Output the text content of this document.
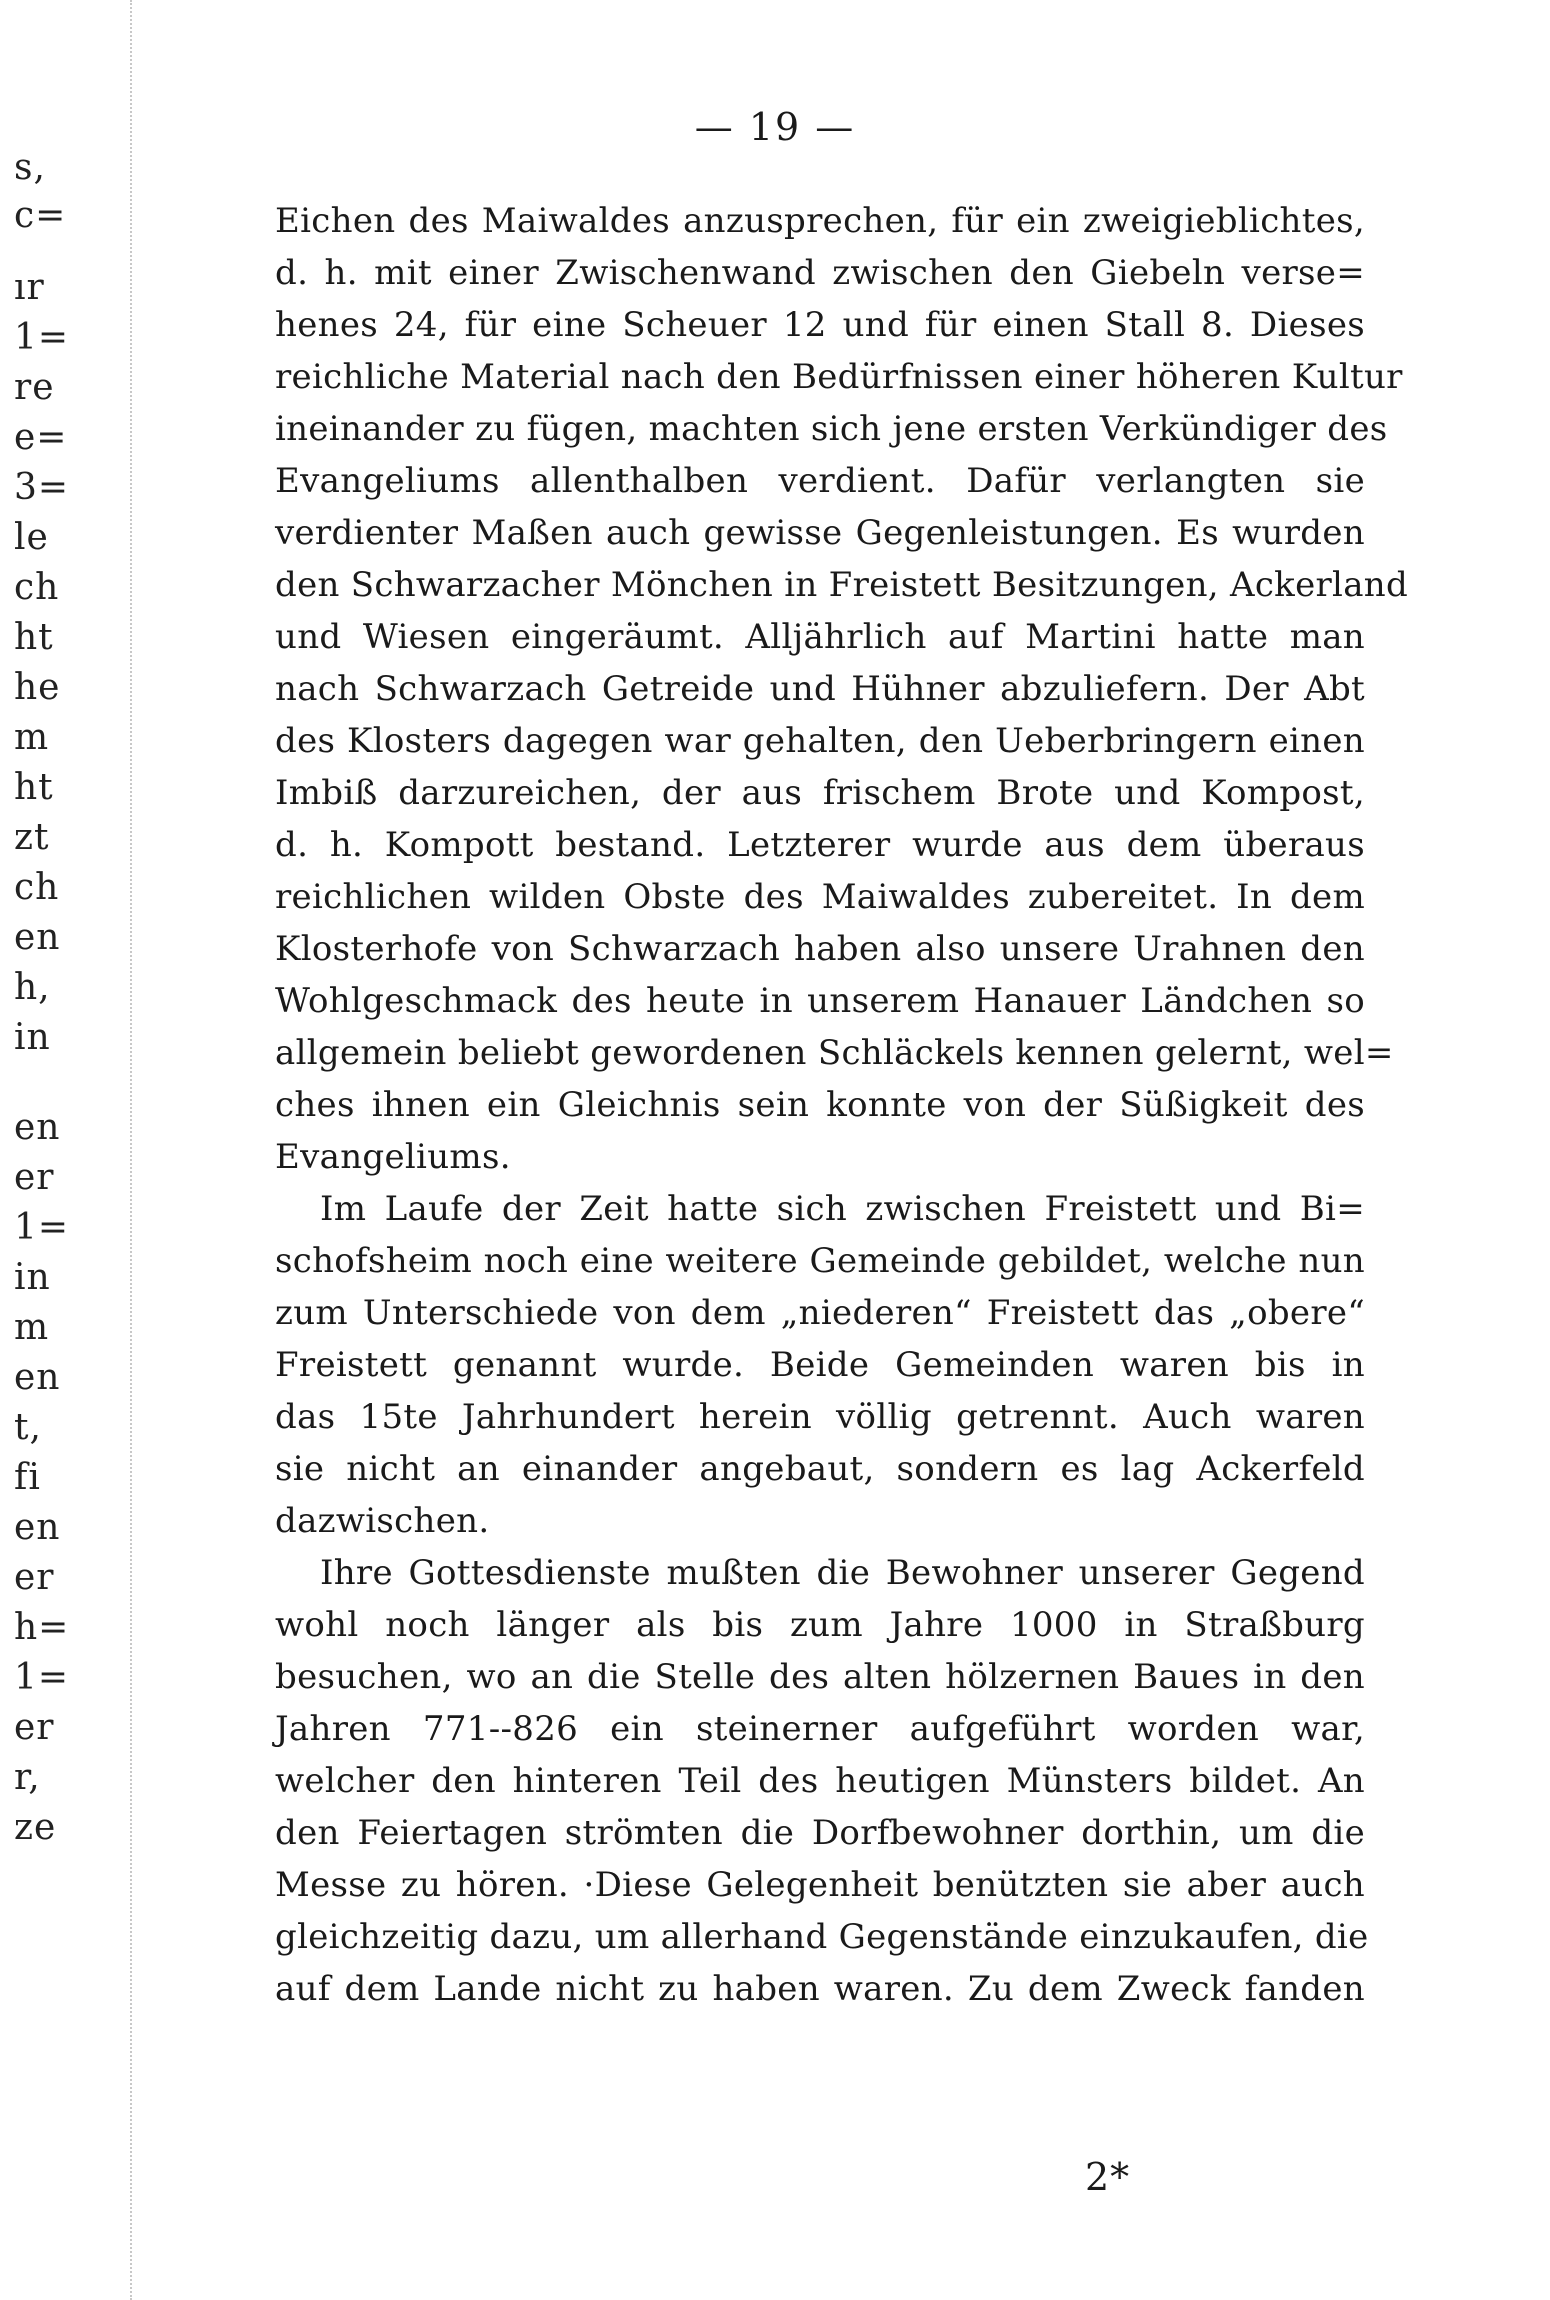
s,
c=
ır
1=
re
e=
3=
le
ch
ht
he
m
ht
zt
ch
en
h,
in
en
er
1=
in
m
en
t,
fi
en
er
h=
1=
er
r,
ze
— 19 —
Eichen des Maiwaldes anzusprechen, für ein zweigieblichtes,
d. h. mit einer Zwischenwand zwischen den Giebeln verse=
henes 24, für eine Scheuer 12 und für einen Stall 8. Dieses
reichliche Material nach den Bedürfnissen einer höheren Kultur
ineinander zu fügen, machten sich jene ersten Verkündiger des
Evangeliums allenthalben verdient. Dafür verlangten sie
verdienter Maßen auch gewisse Gegenleistungen. Es wurden
den Schwarzacher Mönchen in Freistett Besitzungen, Ackerland
und Wiesen eingeräumt. Alljährlich auf Martini hatte man
nach Schwarzach Getreide und Hühner abzuliefern. Der Abt
des Klosters dagegen war gehalten, den Ueberbringern einen
Imbiß darzureichen, der aus frischem Brote und Kompost,
d. h. Kompott bestand. Letzterer wurde aus dem überaus
reichlichen wilden Obste des Maiwaldes zubereitet. In dem
Klosterhofe von Schwarzach haben also unsere Urahnen den
Wohlgeschmack des heute in unserem Hanauer Ländchen so
allgemein beliebt gewordenen Schläckels kennen gelernt, wel=
ches ihnen ein Gleichnis sein konnte von der Süßigkeit des
Evangeliums.
Im Laufe der Zeit hatte sich zwischen Freistett und Bi=
schofsheim noch eine weitere Gemeinde gebildet, welche nun
zum Unterschiede von dem „niederen“ Freistett das „obere“
Freistett genannt wurde. Beide Gemeinden waren bis in
das 15te Jahrhundert herein völlig getrennt. Auch waren
sie nicht an einander angebaut, sondern es lag Ackerfeld
dazwischen.
Ihre Gottesdienste mußten die Bewohner unserer Gegend
wohl noch länger als bis zum Jahre 1000 in Straßburg
besuchen, wo an die Stelle des alten hölzernen Baues in den
Jahren 771--826 ein steinerner aufgeführt worden war,
welcher den hinteren Teil des heutigen Münsters bildet. An
den Feiertagen strömten die Dorfbewohner dorthin, um die
Messe zu hören. ·Diese Gelegenheit benützten sie aber auch
gleichzeitig dazu, um allerhand Gegenstände einzukaufen, die
auf dem Lande nicht zu haben waren. Zu dem Zweck fanden
2*
